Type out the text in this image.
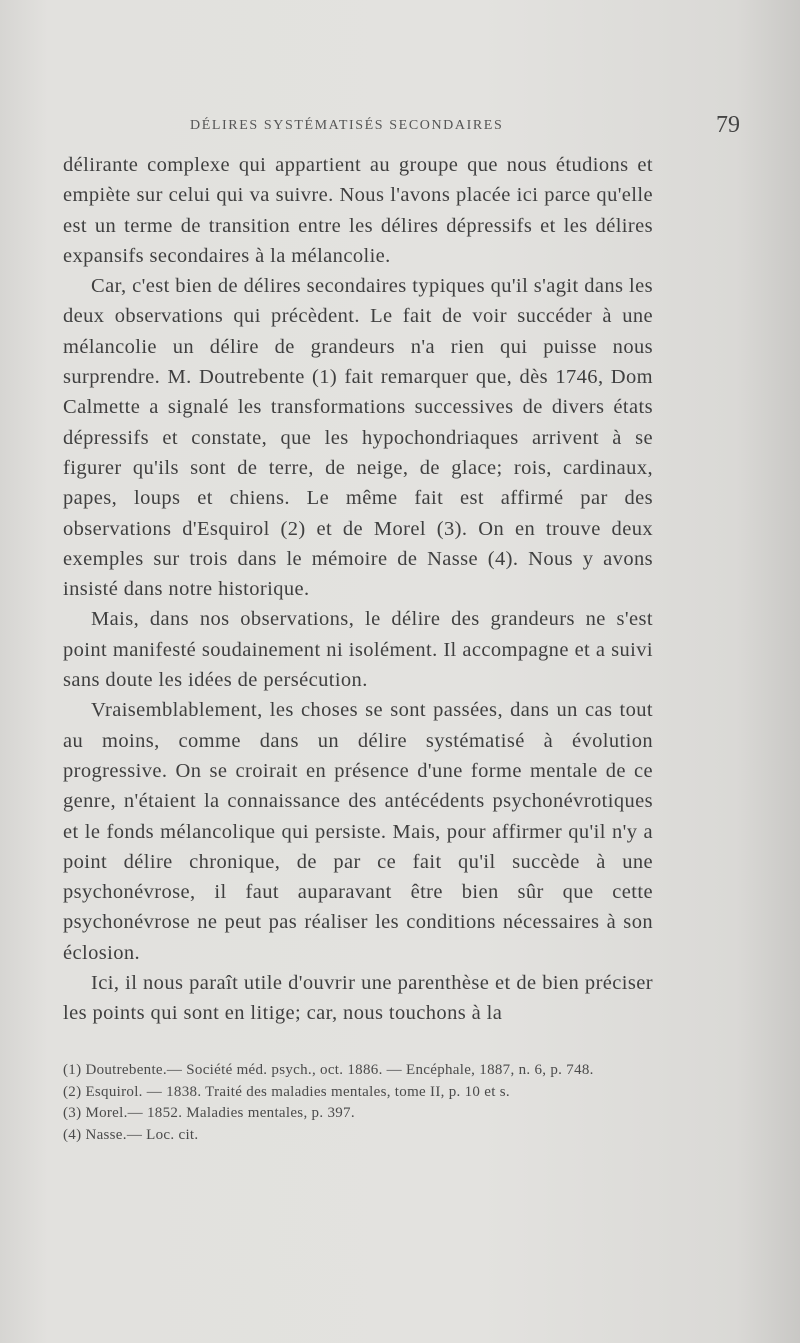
DÉLIRES SYSTÉMATISÉS SECONDAIRES	79

délirante complexe qui appartient au groupe que nous étudions et empiète sur celui qui va suivre. Nous l'avons placée ici parce qu'elle est un terme de transition entre les délires dépressifs et les délires expansifs secondaires à la mélancolie.

Car, c'est bien de délires secondaires typiques qu'il s'agit dans les deux observations qui précèdent. Le fait de voir succéder à une mélancolie un délire de grandeurs n'a rien qui puisse nous surprendre. M. Doutrebente (1) fait remarquer que, dès 1746, Dom Calmette a signalé les transformations successives de divers états dépressifs et constate, que les hypochondriaques arrivent à se figurer qu'ils sont de terre, de neige, de glace; rois, cardinaux, papes, loups et chiens. Le même fait est affirmé par des observations d'Esquirol (2) et de Morel (3). On en trouve deux exemples sur trois dans le mémoire de Nasse (4). Nous y avons insisté dans notre historique.

Mais, dans nos observations, le délire des grandeurs ne s'est point manifesté soudainement ni isolément. Il accompagne et a suivi sans doute les idées de persécution.

Vraisemblablement, les choses se sont passées, dans un cas tout au moins, comme dans un délire systématisé à évolution progressive. On se croirait en présence d'une forme mentale de ce genre, n'étaient la connaissance des antécédents psychonévrotiques et le fonds mélancolique qui persiste. Mais, pour affirmer qu'il n'y a point délire chronique, de par ce fait qu'il succède à une psychonévrose, il faut auparavant être bien sûr que cette psychonévrose ne peut pas réaliser les conditions nécessaires à son éclosion.

Ici, il nous paraît utile d'ouvrir une parenthèse et de bien préciser les points qui sont en litige; car, nous touchons à la

(1) Doutrebente.— Société méd. psych., oct. 1886. — Encéphale, 1887, n. 6, p. 748.
(2) Esquirol. — 1838. Traité des maladies mentales, tome II, p. 10 et s.
(3) Morel.— 1852. Maladies mentales, p. 397.
(4) Nasse.— Loc. cit.
